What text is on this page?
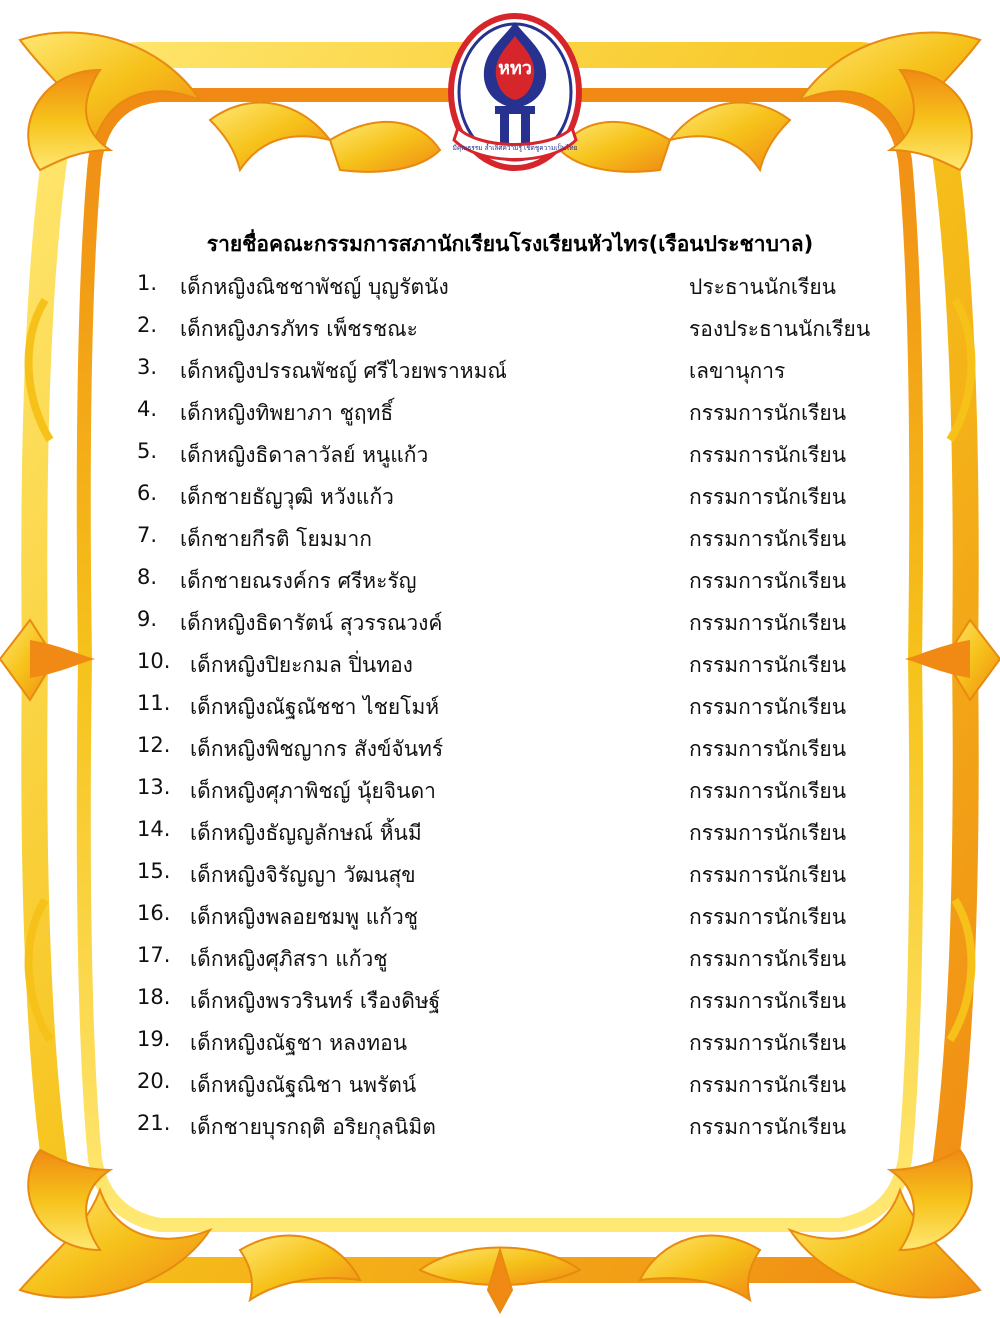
หทว
มีคุณธรรม ล้ำเลิศความรู้ เชิดชูความเป็นไทย
รายชื่อคณะกรรมการสภานักเรียนโรงเรียนหัวไทร(เรือนประชาบาล)
1. เด็กหญิงณิชชาพัชญ์ บุญรัตนัง	ประธานนักเรียน
2. เด็กหญิงภรภัทร เพ็ชรชณะ	รองประธานนักเรียน
3. เด็กหญิงปรรณพัชญ์ ศรีไวยพราหมณ์	เลขานุการ
4. เด็กหญิงทิพยาภา ชูฤทธิ์	กรรมการนักเรียน
5. เด็กหญิงธิดาลาวัลย์ หนูแก้ว	กรรมการนักเรียน
6. เด็กชายธัญวุฒิ หวังแก้ว	กรรมการนักเรียน
7. เด็กชายกีรติ โยมมาก	กรรมการนักเรียน
8. เด็กชายณรงค์กร ศรีหะรัญ	กรรมการนักเรียน
9. เด็กหญิงธิดารัตน์ สุวรรณวงค์	กรรมการนักเรียน
10. เด็กหญิงปิยะกมล ปิ่นทอง	กรรมการนักเรียน
11. เด็กหญิงณัฐณัชชา ไชยโมห์	กรรมการนักเรียน
12. เด็กหญิงพิชญากร สังข์จันทร์	กรรมการนักเรียน
13. เด็กหญิงศุภาพิชญ์ นุ้ยจินดา	กรรมการนักเรียน
14. เด็กหญิงธัญญลักษณ์ หิ้นมี	กรรมการนักเรียน
15. เด็กหญิงจิรัญญา วัฒนสุข	กรรมการนักเรียน
16. เด็กหญิงพลอยชมพู แก้วชู	กรรมการนักเรียน
17. เด็กหญิงศุภิสรา แก้วชู	กรรมการนักเรียน
18. เด็กหญิงพรวรินทร์ เรืองดิษฐ์	กรรมการนักเรียน
19. เด็กหญิงณัฐชา หลงทอน	กรรมการนักเรียน
20. เด็กหญิงณัฐณิชา นพรัตน์	กรรมการนักเรียน
21. เด็กชายบุรกฤติ อริยกุลนิมิต	กรรมการนักเรียน
